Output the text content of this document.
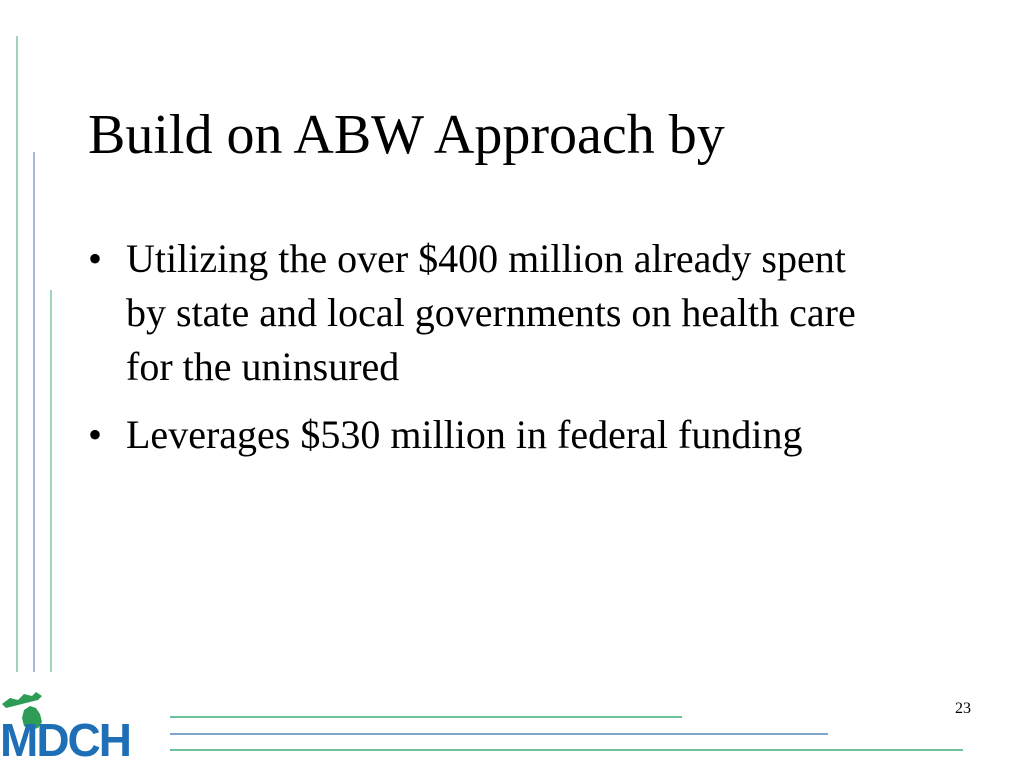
Build on ABW Approach by
• Utilizing the over $400 million already spent by state and local governments on health care for the uninsured
• Leverages $530 million in federal funding
23
MDCH
